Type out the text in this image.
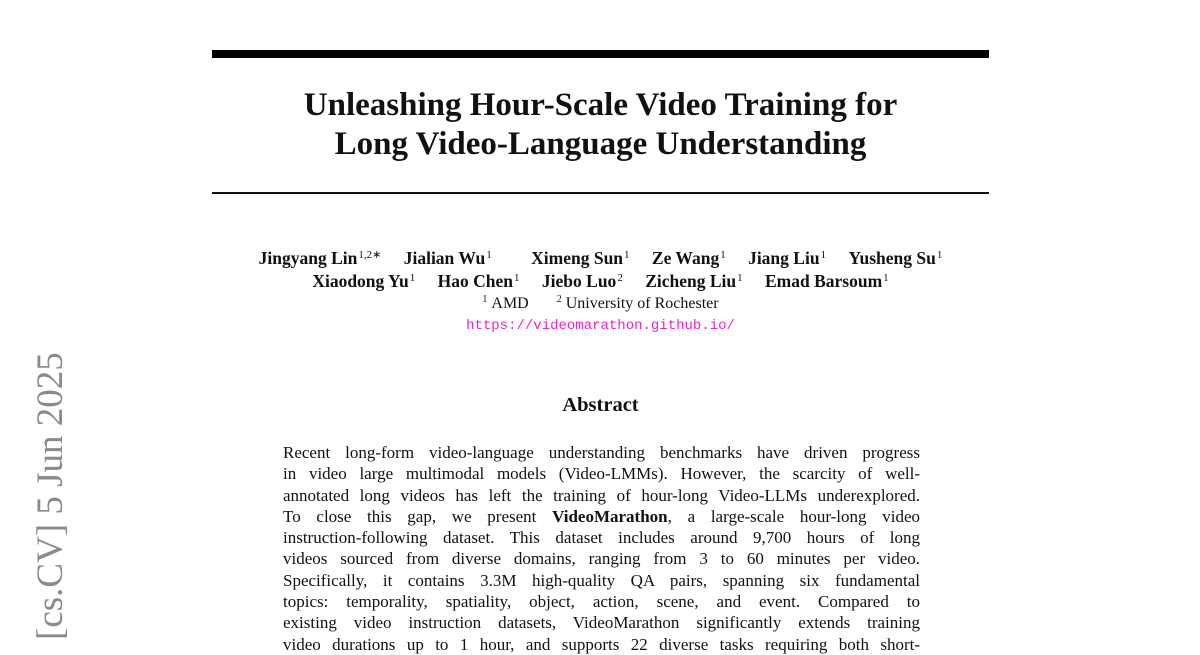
Unleashing Hour-Scale Video Training for
Long Video-Language Understanding
Jingyang Lin$^{1,2∗}$ Jialian Wu$^1$ Ximeng Sun$^1$ Ze Wang$^1$ Jiang Liu$^1$ Yusheng Su$^1$
Xiaodong Yu$^1$ Hao Chen$^1$ Jiebo Luo$^2$ Zicheng Liu$^1$ Emad Barsoum$^1$
$^1$ AMD	$^2$ University of Rochester
https://videomarathon.github.io/
Abstract
Recent long-form video-language understanding benchmarks have driven progress
in video large multimodal models (Video-LMMs). However, the scarcity of well-
annotated long videos has left the training of hour-long Video-LLMs underexplored.
To close this gap, we present VideoMarathon, a large-scale hour-long video
instruction-following dataset. This dataset includes around 9,700 hours of long
videos sourced from diverse domains, ranging from 3 to 60 minutes per video.
Specifically, it contains 3.3M high-quality QA pairs, spanning six fundamental
topics: temporality, spatiality, object, action, scene, and event. Compared to
existing video instruction datasets, VideoMarathon significantly extends training
video durations up to 1 hour, and supports 22 diverse tasks requiring both short-
[cs.CV] 5 Jun 2025
